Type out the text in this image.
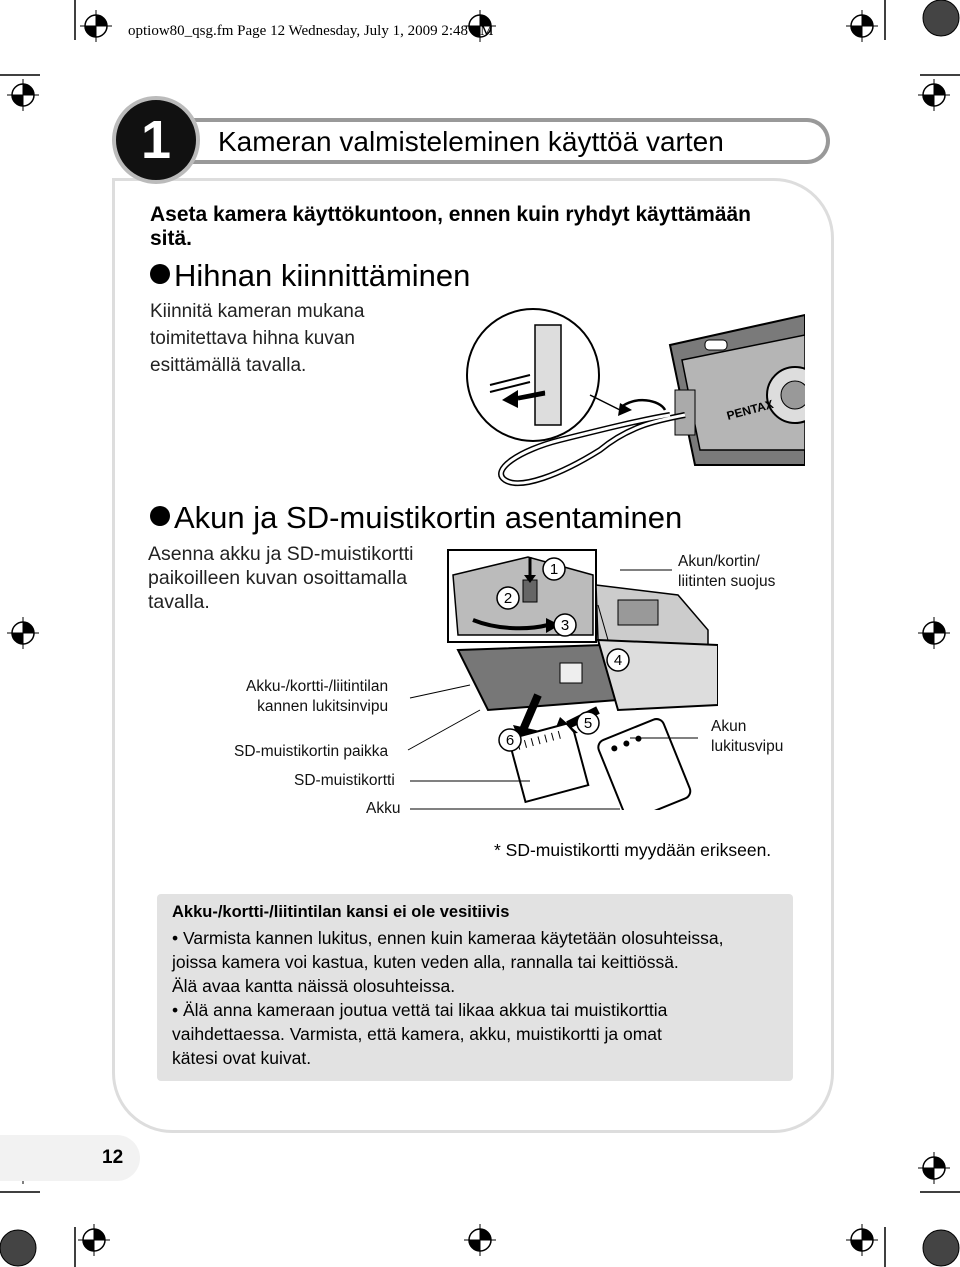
optiow80_qsg.fm Page 12 Wednesday, July 1, 2009 2:48 PM
Kameran valmisteleminen käyttöä varten
1
Aseta kamera käyttökuntoon, ennen kuin ryhdyt käyttämään sitä.
Hihnan kiinnittäminen
Kiinnitä kameran mukana
toimitettava hihna kuvan
esittämällä tavalla.
PENTAX
Akun ja SD-muistikortin asentaminen
Asenna akku ja SD-muistikortti
paikoilleen kuvan osoittamalla
tavalla.
1
2
3
4
5
6
Akun/kortin/
liitinten suojus
Akku-/kortti-/liitintilan
kannen lukitsinvipu
SD-muistikortin paikka
SD-muistikortti
Akku
Akun
lukitusvipu
* SD-muistikortti myydään erikseen.
Akku-/kortti-/liitintilan kansi ei ole vesitiivis
• Varmista kannen lukitus, ennen kuin kameraa käytetään olosuhteissa,
joissa kamera voi kastua, kuten veden alla, rannalla tai keittiössä.
Älä avaa kantta näissä olosuhteissa.
• Älä anna kameraan joutua vettä tai likaa akkua tai muistikorttia
vaihdettaessa. Varmista, että kamera, akku, muistikortti ja omat
kätesi ovat kuivat.
12
